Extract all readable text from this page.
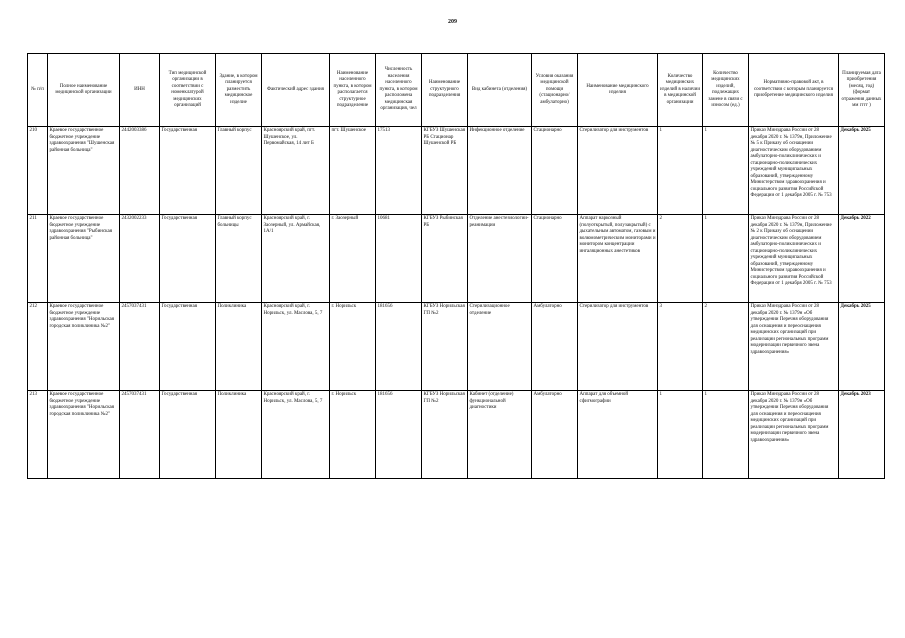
209
№ п/п	Полное наименование медицинской организации	ИНН	Тип медицинской организации в соответствии с номенклатурой медицинских организаций	Здание, в котором планируется разместить медицинское изделие	Фактический адрес здания	Наименование населенного пункта, в котором располагается структурное подразделение	Численность населения населенного пункта, в котором расположена медицинская организация, чел	Наименование структурного подразделения	Вид кабинета (отделения)	Условия оказания медицинской помощи (стационарно/ амбулаторно)	Наименование медицинского изделия	Количество медицинских изделий в наличии в медицинской организации	Количество медицинских изделий, подлежащих замене в связи с износом (ед.)	Нормативно-правовой акт, в соответствии с которым планируется приобретение медицинского изделия	Планируемая дата приобретения (месяц, год) (формат отражения данных мм гггг )
210	Краевое государственное бюджетное учреждение здравоохранения "Шушенская районная больница"	2442003386	Государственная	Главный корпус	Красноярский край, пгт. Шушенское, ул. Первомайская, 14 лит Б	пгт. Шушенское	17513	КГБУЗ Шушенская РБ Стационар Шушенской РБ	Инфекционное отделение	Стационарно	Стерилизатор для инструментов	1	1	Приказ Минздрава России от 28 декабря 2020 г. № 1379н, Приложение № 5 к Приказу об оснащении диагностическим оборудованием амбулаторно-поликлинических и стационарно-поликлинических учреждений муниципальных образований, утвержденному Министерством здравоохранения и социального развития Российской Федерации от 1 декабря 2005 г. № 753	Декабрь 2025
211	Краевое государственное бюджетное учреждение здравоохранения "Рыбинская районная больница"	2432002233	Государственная	Главный корпус больницы	Красноярский край, г. Заозерный, ул. Армайская, 1А/1	г. Заозерный	10681	КГБУЗ Рыбинская РБ	Отделение анестезиологии-реанимации	Стационарно	Аппарат наркозный (полуоткрытый, полузакрытый) с дыхательным автоматом, газовым и волюмометрическим мониторами и монитором концентрации ингаляционных анестетиков	2	1	Приказ Минздрава России от 28 декабря 2020 г. № 1379н, Приложение № 2 к Приказу об оснащении диагностическим оборудованием амбулаторно-поликлинических и стационарно-поликлинических учреждений муниципальных образований, утвержденному Министерством здравоохранения и социального развития Российской Федерации от 1 декабря 2005 г. № 753	Декабрь 2022
212	Краевое государственное бюджетное учреждение здравоохранения "Норильская городская поликлиника №2"	2457037431	Государственная	Поликлиника	Красноярский край, г. Норильск, ул. Маслова, 5, 7	г. Норильск	181656	КГБУЗ Норильская ГП №2	Стерилизационное отделение	Амбулаторно	Стерилизатор для инструментов	3	2	Приказ Минздрава России от 28 декабря 2020 г. № 1379н «Об утверждении Перечня оборудования для оснащения и переоснащения медицинских организаций при реализации региональных программ модернизации первичного звена здравоохранения»	Декабрь 2025
213	Краевое государственное бюджетное учреждение здравоохранения "Норильская городская поликлиника №2"	2457037431	Государственная	Поликлиника	Красноярский край, г. Норильск, ул. Маслова, 5, 7	г. Норильск	181656	КГБУЗ Норильская ГП №2	Кабинет (отделение) функциональной диагностики	Амбулаторно	Аппарат для объемной сфигмографии	1	1	Приказ Минздрава России от 28 декабря 2020 г. № 1379н «Об утверждении Перечня оборудования для оснащения и переоснащения медицинских организаций при реализации региональных программ модернизации первичного звена здравоохранения»	Декабрь 2023
